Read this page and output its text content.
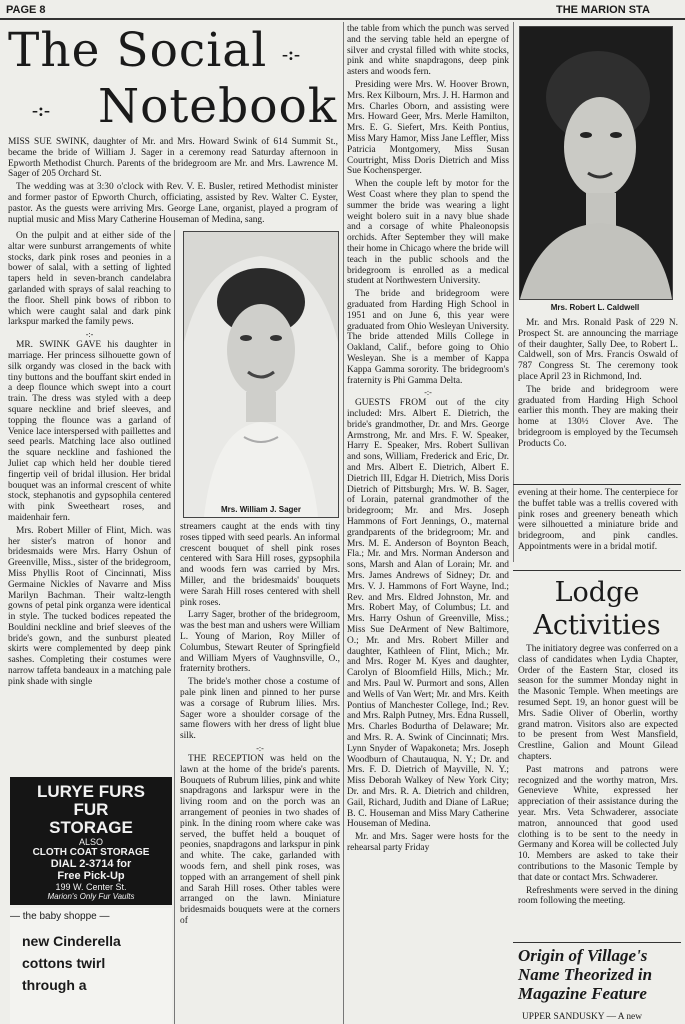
PAGE 8	THE MARION STA
The Social -:-
-:- Notebook

MISS SUE SWINK, daughter of Mr. and Mrs. Howard Swink of 614 Summit St., became the bride of William J. Sager in a ceremony read Saturday afternoon in Epworth Methodist Church. Parents of the bridegroom are Mr. and Mrs. Lawrence M. Sager of 205 Orchard St.

The wedding was at 3:30 o'clock with Rev. V. E. Busler, retired Methodist minister and former pastor of Epworth Church, officiating, assisted by Rev. Walter C. Eyster, pastor. As the guests were arriving Mrs. George Lane, organist, played a program of nuptial music and Miss Mary Catherine Houseman of Medina, sang.

On the pulpit and at either side of the altar were sunburst arrangements of white stocks, dark pink roses and peonies in a bower of salal, with a setting of lighted tapers held in seven-branch candelabra garlanded with sprays of salal reaching to the floor. Shell pink bows of ribbon to which were caught salal and dark pink larkspur marked the family pews.

-:-

MR. SWINK GAVE his daughter in marriage. Her princess silhouette gown of silk organdy was closed in the back with tiny buttons and the bouffant skirt ended in a deep flounce which swept into a court train. The dress was styled with a deep square neckline and brief sleeves, and topping the flounce was a garland of Venice lace interspersed with paillettes and seed pearls. Matching lace also outlined the square neckline and fashioned the Juliet cap which held her double tiered fingertip veil of bridal illusion. Her bridal bouquet was an informal crescent of white stock, stephanotis and gypsophila centered with pink Sweetheart roses, and maidenhair fern.

Mrs. Robert Miller of Flint, Mich. was her sister's matron of honor and bridesmaids were Mrs. Harry Oshun of Greenville, Miss., sister of the bridegroom, Miss Phyllis Root of Cincinnati, Miss Germaine Nickles of Navarre and Miss Marilyn Bachman. Their waltz-length gowns of petal pink organza were identical in style. The tucked bodices repeated the Bouldini neckline and brief sleeves of the bride's gown, and the sunburst pleated skirts were complemented by deep pink sashes. Completing their costumes were narrow taffeta bandeaux in a matching pale pink shade with single

LURYE FURS
FUR
STORAGE
ALSO
CLOTH COAT STORAGE
DIAL 2-3714 for
Free Pick-Up
199 W. Center St.
Marion's Only Fur Vaults
— the baby shoppe —
new Cinderella
cottons twirl
through a
Mrs. William J. Sager

streamers caught at the ends with tiny roses tipped with seed pearls. An informal crescent bouquet of shell pink roses centered with Sara Hill roses, gypsophila and woods fern was carried by Mrs. Miller, and the bridesmaids' bouquets were Sarah Hill roses centered with shell pink roses.

Larry Sager, brother of the bridegroom, was the best man and ushers were William L. Young of Marion, Roy Miller of Columbus, Stewart Reuter of Springfield and William Myers of Vaughnsville, O., fraternity brothers.

The bride's mother chose a costume of pale pink linen and pinned to her purse was a corsage of Rubrum lilies. Mrs. Sager wore a shoulder corsage of the same flowers with her dress of light blue silk.

-:-

THE RECEPTION was held on the lawn at the home of the bride's parents. Bouquets of Rubrum lilies, pink and white snapdragons and larkspur were in the living room and on the porch was an arrangement of peonies in two shades of pink. In the dining room where cake was served, the buffet held a bouquet of peonies, snapdragons and larkspur in pink and white. The cake, garlanded with woods fern, and shell pink roses, was topped with an arrangement of shell pink and Sarah Hill roses. Other tables were arranged on the lawn. Miniature bridesmaids bouquets were at the corners of

the table from which the punch was served and the serving table held an epergne of silver and crystal filled with white stocks, pink and white snapdragons, deep pink asters and woods fern.

Presiding were Mrs. W. Hoover Brown, Mrs. Rex Kilbourn, Mrs. J. H. Harmon and Mrs. Charles Oborn, and assisting were Mrs. Howard Geer, Mrs. Merle Hamilton, Mrs. E. G. Siefert, Mrs. Keith Pontius, Miss Mary Hamor, Miss Jane Leffler, Miss Patricia Montgomery, Miss Susan Courtright, Miss Doris Dietrich and Miss Sue Kochensperger.

When the couple left by motor for the West Coast where they plan to spend the summer the bride was wearing a light weight bolero suit in a navy blue shade and a corsage of white Phaleonopsis orchids. After September they will make their home in Chicago where the bride will teach in the public schools and the bridegroom is enrolled as a medical student at Northwestern University.

The bride and bridegroom were graduated from Harding High School in 1951 and on June 6, this year were graduated from Ohio Wesleyan University. The bride attended Mills College in Oakland, Calif., before going to Ohio Wesleyan. She is a member of Kappa Kappa Gamma sorority. The bridegroom's fraternity is Phi Gamma Delta.

-:-

GUESTS FROM out of the city included: Mrs. Albert E. Dietrich, the bride's grandmother, Dr. and Mrs. George Armstrong, Mr. and Mrs. F. W. Speaker, Harry E. Speaker, Mrs. Robert Sullivan and sons, William, Frederick and Eric, Dr. and Mrs. Albert E. Dietrich, Albert E. Dietrich III, Edgar H. Dietrich, Miss Doris Dietrich of Pittsburgh; Mrs. W. B. Sager, of Lorain, paternal grandmother of the bridegroom; Mr. and Mrs. Joseph Hammons of Fort Jennings, O., maternal grandparents of the bridegroom; Mr. and Mrs. M. E. Anderson of Boynton Beach, Fla.; Mr. and Mrs. Norman Anderson and sons, Marsh and Alan of Lorain; Mr. and Mrs. James Andrews of Sidney; Dr. and Mrs. V. J. Hammons of Fort Wayne, Ind.; Rev. and Mrs. Eldred Johnston, Mr. and Mrs. Robert May, of Columbus; Lt. and Mrs. Harry Oshun of Greenville, Miss.; Miss Sue DeArment of New Baltimore, O.; Mr. and Mrs. Robert Miller and daughter, Kathleen of Flint, Mich.; Mr. and Mrs. Roger M. Kyes and daughter, Carolyn of Bloomfield Hills, Mich.; Mr. and Mrs. Paul W. Purmort and sons, Allen and Wells of Van Wert; Mr. and Mrs. Keith Pontius of Manchester College, Ind.; Rev. and Mrs. Ralph Putney, Mrs. Edna Russell, Mrs. Charles Bodurtha of Delaware; Mr. and Mrs. R. A. Swink of Cincinnati; Mrs. Lynn Snyder of Wapakoneta; Mrs. Joseph Woodburn of Chautauqua, N. Y.; Dr. and Mrs. F. D. Dietrich of Mayville, N. Y.; Miss Deborah Walkey of New York City; Dr. and Mrs. R. A. Dietrich and children, Gail, Richard, Judith and Diane of LaRue; B. C. Houseman and Miss Mary Catherine Houseman of Medina.

Mr. and Mrs. Sager were hosts for the rehearsal party Friday

Mrs. Robert L. Caldwell

Mr. and Mrs. Ronald Pask of 229 N. Prospect St. are announcing the marriage of their daughter, Sally Dee, to Robert L. Caldwell, son of Mrs. Francis Oswald of 787 Congress St. The ceremony took place April 23 in Richmond, Ind.

The bride and bridegroom were graduated from Harding High School earlier this month. They are making their home at 130½ Clover Ave. The bridegroom is employed by the Tecumseh Products Co.

evening at their home. The centerpiece for the buffet table was a trellis covered with pink roses and greenery beneath which were silhouetted a miniature bride and bridegroom, and pink candles. Appointments were in a bridal motif.

Lodge
Activities

The initiatory degree was conferred on a class of candidates when Lydia Chapter, Order of the Eastern Star, closed its season for the summer Monday night in the Masonic Temple. When meetings are resumed Sept. 19, an honor guest will be Mrs. Sadie Oliver of Oberlin, worthy grand matron. Visitors also are expected to be present from West Mansfield, Crestline, Galion and Mount Gilead chapters.

Past matrons and patrons were recognized and the worthy matron, Mrs. Genevieve White, expressed her appreciation of their assistance during the year. Mrs. Veta Schwaderer, associate matron, announced that good used clothing is to be sent to the needy in Germany and Korea will be collected July 10. Members are asked to take their contributions to the Masonic Temple by that date or contact Mrs. Schwaderer.

Refreshments were served in the dining room following the meeting.

Origin of Village's Name Theorized in Magazine Feature
UPPER SANDUSKY — A new
